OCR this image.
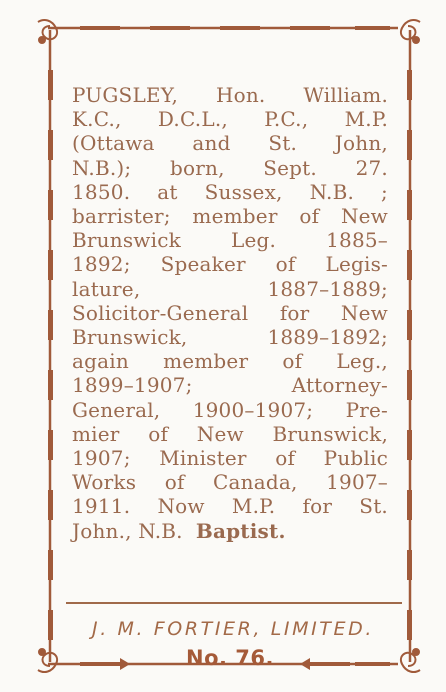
PUGSLEY, Hon. William.
K.C., D.C.L., P.C., M.P.
(Ottawa and St. John,
N.B.); born, Sept. 27.
1850. at Sussex, N.B. ;
barrister; member of New
Brunswick Leg. 1885–
1892; Speaker of Legis-
lature, 1887–1889;
Solicitor-General for New
Brunswick, 1889–1892;
again member of Leg.,
1899–1907; Attorney-
General, 1900–1907; Pre-
mier of New Brunswick,
1907; Minister of Public
Works of Canada, 1907–
1911. Now M.P. for St.
John., N.B. Baptist.
J. M. FORTIER, LIMITED.
No. 76.
